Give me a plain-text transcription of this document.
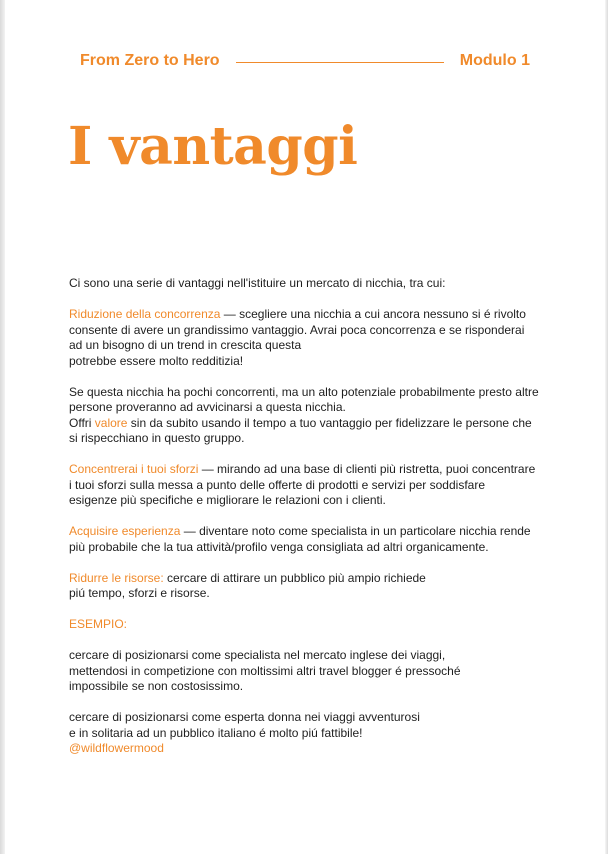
From Zero to Hero	Modulo 1
I vantaggi

Ci sono una serie di vantaggi nell'istituire un mercato di nicchia, tra cui:

Riduzione della concorrenza — scegliere una nicchia a cui ancora nessuno si é rivolto
consente di avere un grandissimo vantaggio. Avrai poca concorrenza e se risponderai
ad un bisogno di un trend in crescita questa
potrebbe essere molto redditizia!

Se questa nicchia ha pochi concorrenti, ma un alto potenziale probabilmente presto altre
persone proveranno ad avvicinarsi a questa nicchia.
Offri valore sin da subito usando il tempo a tuo vantaggio per fidelizzare le persone che
si rispecchiano in questo gruppo.

Concentrerai i tuoi sforzi — mirando ad una base di clienti più ristretta, puoi concentrare
i tuoi sforzi sulla messa a punto delle offerte di prodotti e servizi per soddisfare
esigenze più specifiche e migliorare le relazioni con i clienti.

Acquisire esperienza — diventare noto come specialista in un particolare nicchia rende
più probabile che la tua attività/profilo venga consigliata ad altri organicamente.

Ridurre le risorse: cercare di attirare un pubblico più ampio richiede
piú tempo, sforzi e risorse.

ESEMPIO:

cercare di posizionarsi come specialista nel mercato inglese dei viaggi,
mettendosi in competizione con moltissimi altri travel blogger é pressoché
impossibile se non costosissimo.

cercare di posizionarsi come esperta donna nei viaggi avventurosi
e in solitaria ad un pubblico italiano é molto piú fattibile!
@wildflowermood
